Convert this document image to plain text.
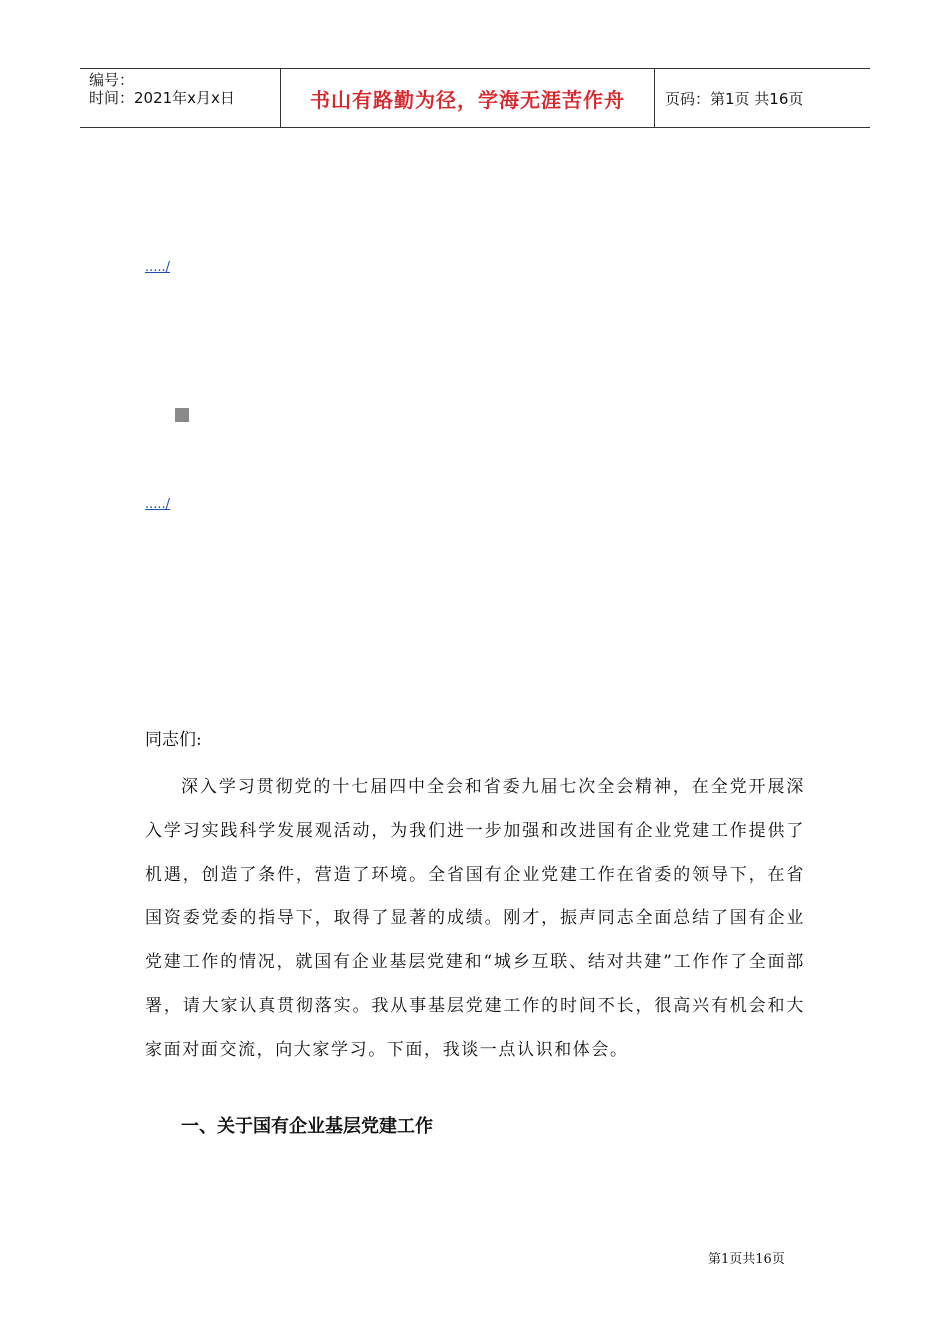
编号：
时间：2021年x月x日	书山有路勤为径，学海无涯苦作舟	页码：第1页 共16页
...../
...../
同志们:
深入学习贯彻党的十七届四中全会和省委九届七次全会精神，在全党开展深入学习实践科学发展观活动，为我们进一步加强和改进国有企业党建工作提供了机遇，创造了条件，营造了环境。全省国有企业党建工作在省委的领导下，在省国资委党委的指导下，取得了显著的成绩。刚才，振声同志全面总结了国有企业党建工作的情况，就国有企业基层党建和“城乡互联、结对共建”工作作了全面部署，请大家认真贯彻落实。我从事基层党建工作的时间不长，很高兴有机会和大家面对面交流，向大家学习。下面，我谈一点认识和体会。
一、关于国有企业基层党建工作
第1页共16页
